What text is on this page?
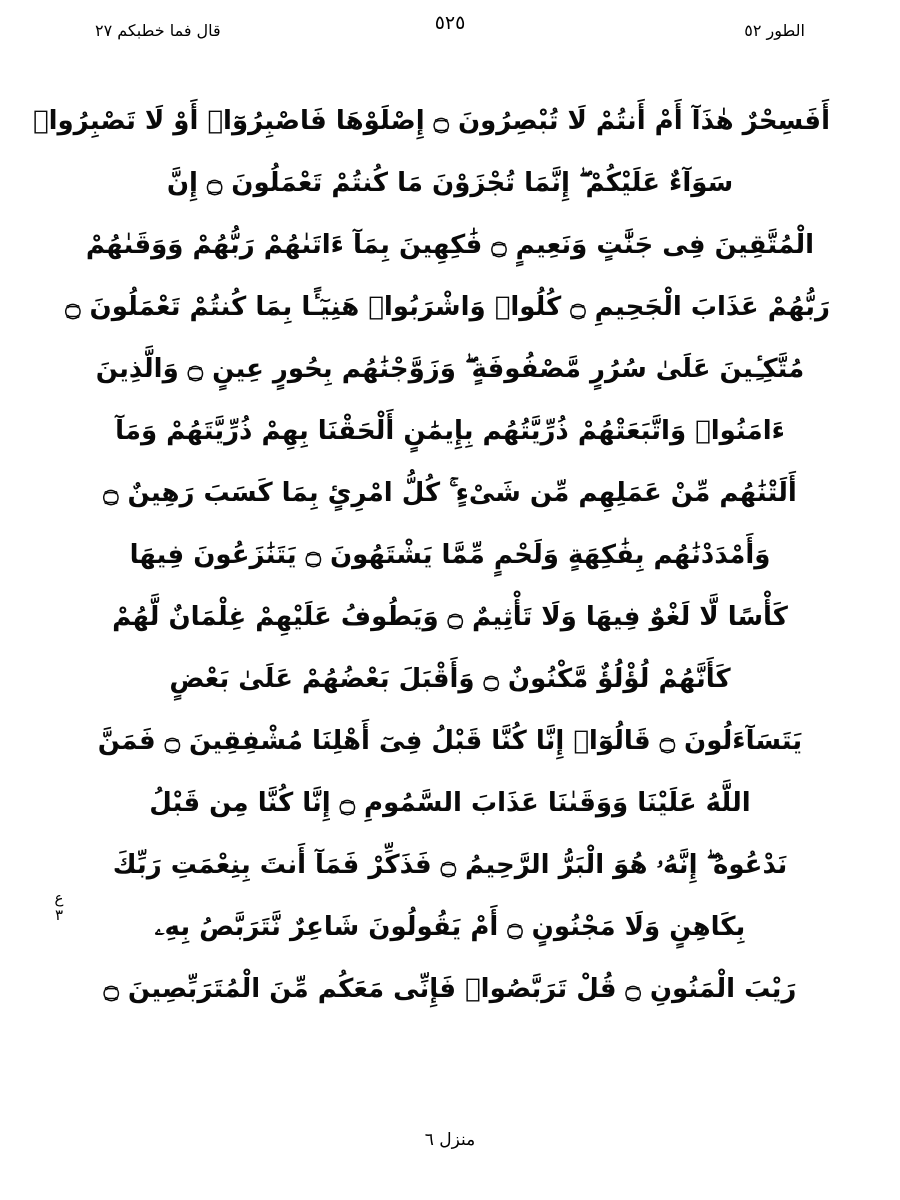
الطور ٥٢
٥٢٥
قال فما خطبكم ٢٧
أَفَسِحْرٌ هٰذَآ أَمْ أَنتُمْ لَا تُبْصِرُونَ ۝ إِصْلَوْهَا فَاصْبِرُوٓا۟ أَوْ لَا تَصْبِرُوا۟
سَوَآءٌ عَلَيْكُمْ ۖ إِنَّمَا تُجْزَوْنَ مَا كُنتُمْ تَعْمَلُونَ ۝ إِنَّ
الْمُتَّقِينَ فِى جَنَّٰتٍ وَنَعِيمٍ ۝ فَٰكِهِينَ بِمَآ ءَاتَىٰهُمْ رَبُّهُمْ وَوَقَىٰهُمْ
رَبُّهُمْ عَذَابَ الْجَحِيمِ ۝ كُلُوا۟ وَاشْرَبُوا۟ هَنِيٓـًٔا بِمَا كُنتُمْ تَعْمَلُونَ ۝
مُتَّكِـِٔينَ عَلَىٰ سُرُرٍ مَّصْفُوفَةٍ ۖ وَزَوَّجْنَٰهُم بِحُورٍ عِينٍ ۝ وَالَّذِينَ
ءَامَنُوا۟ وَاتَّبَعَتْهُمْ ذُرِّيَّتُهُم بِإِيمَٰنٍ أَلْحَقْنَا بِهِمْ ذُرِّيَّتَهُمْ وَمَآ
أَلَتْنَٰهُم مِّنْ عَمَلِهِم مِّن شَىْءٍ ۚ كُلُّ امْرِئٍ بِمَا كَسَبَ رَهِينٌ ۝
وَأَمْدَدْنَٰهُم بِفَٰكِهَةٍ وَلَحْمٍ مِّمَّا يَشْتَهُونَ ۝ يَتَنَٰزَعُونَ فِيهَا
كَأْسًا لَّا لَغْوٌ فِيهَا وَلَا تَأْثِيمٌ ۝ وَيَطُوفُ عَلَيْهِمْ غِلْمَانٌ لَّهُمْ
كَأَنَّهُمْ لُؤْلُؤٌ مَّكْنُونٌ ۝ وَأَقْبَلَ بَعْضُهُمْ عَلَىٰ بَعْضٍ
يَتَسَآءَلُونَ ۝ قَالُوٓا۟ إِنَّا كُنَّا قَبْلُ فِىٓ أَهْلِنَا مُشْفِقِينَ ۝ فَمَنَّ
اللَّهُ عَلَيْنَا وَوَقَىٰنَا عَذَابَ السَّمُومِ ۝ إِنَّا كُنَّا مِن قَبْلُ
نَدْعُوهُ ۖ إِنَّهُۥ هُوَ الْبَرُّ الرَّحِيمُ ۝ فَذَكِّرْ فَمَآ أَنتَ بِنِعْمَتِ رَبِّكَ
بِكَاهِنٍ وَلَا مَجْنُونٍ ۝ أَمْ يَقُولُونَ شَاعِرٌ نَّتَرَبَّصُ بِهِۦ
رَيْبَ الْمَنُونِ ۝ قُلْ تَرَبَّصُوا۟ فَإِنِّى مَعَكُم مِّنَ الْمُتَرَبِّصِينَ ۝
ع
٣
منزل ٦
